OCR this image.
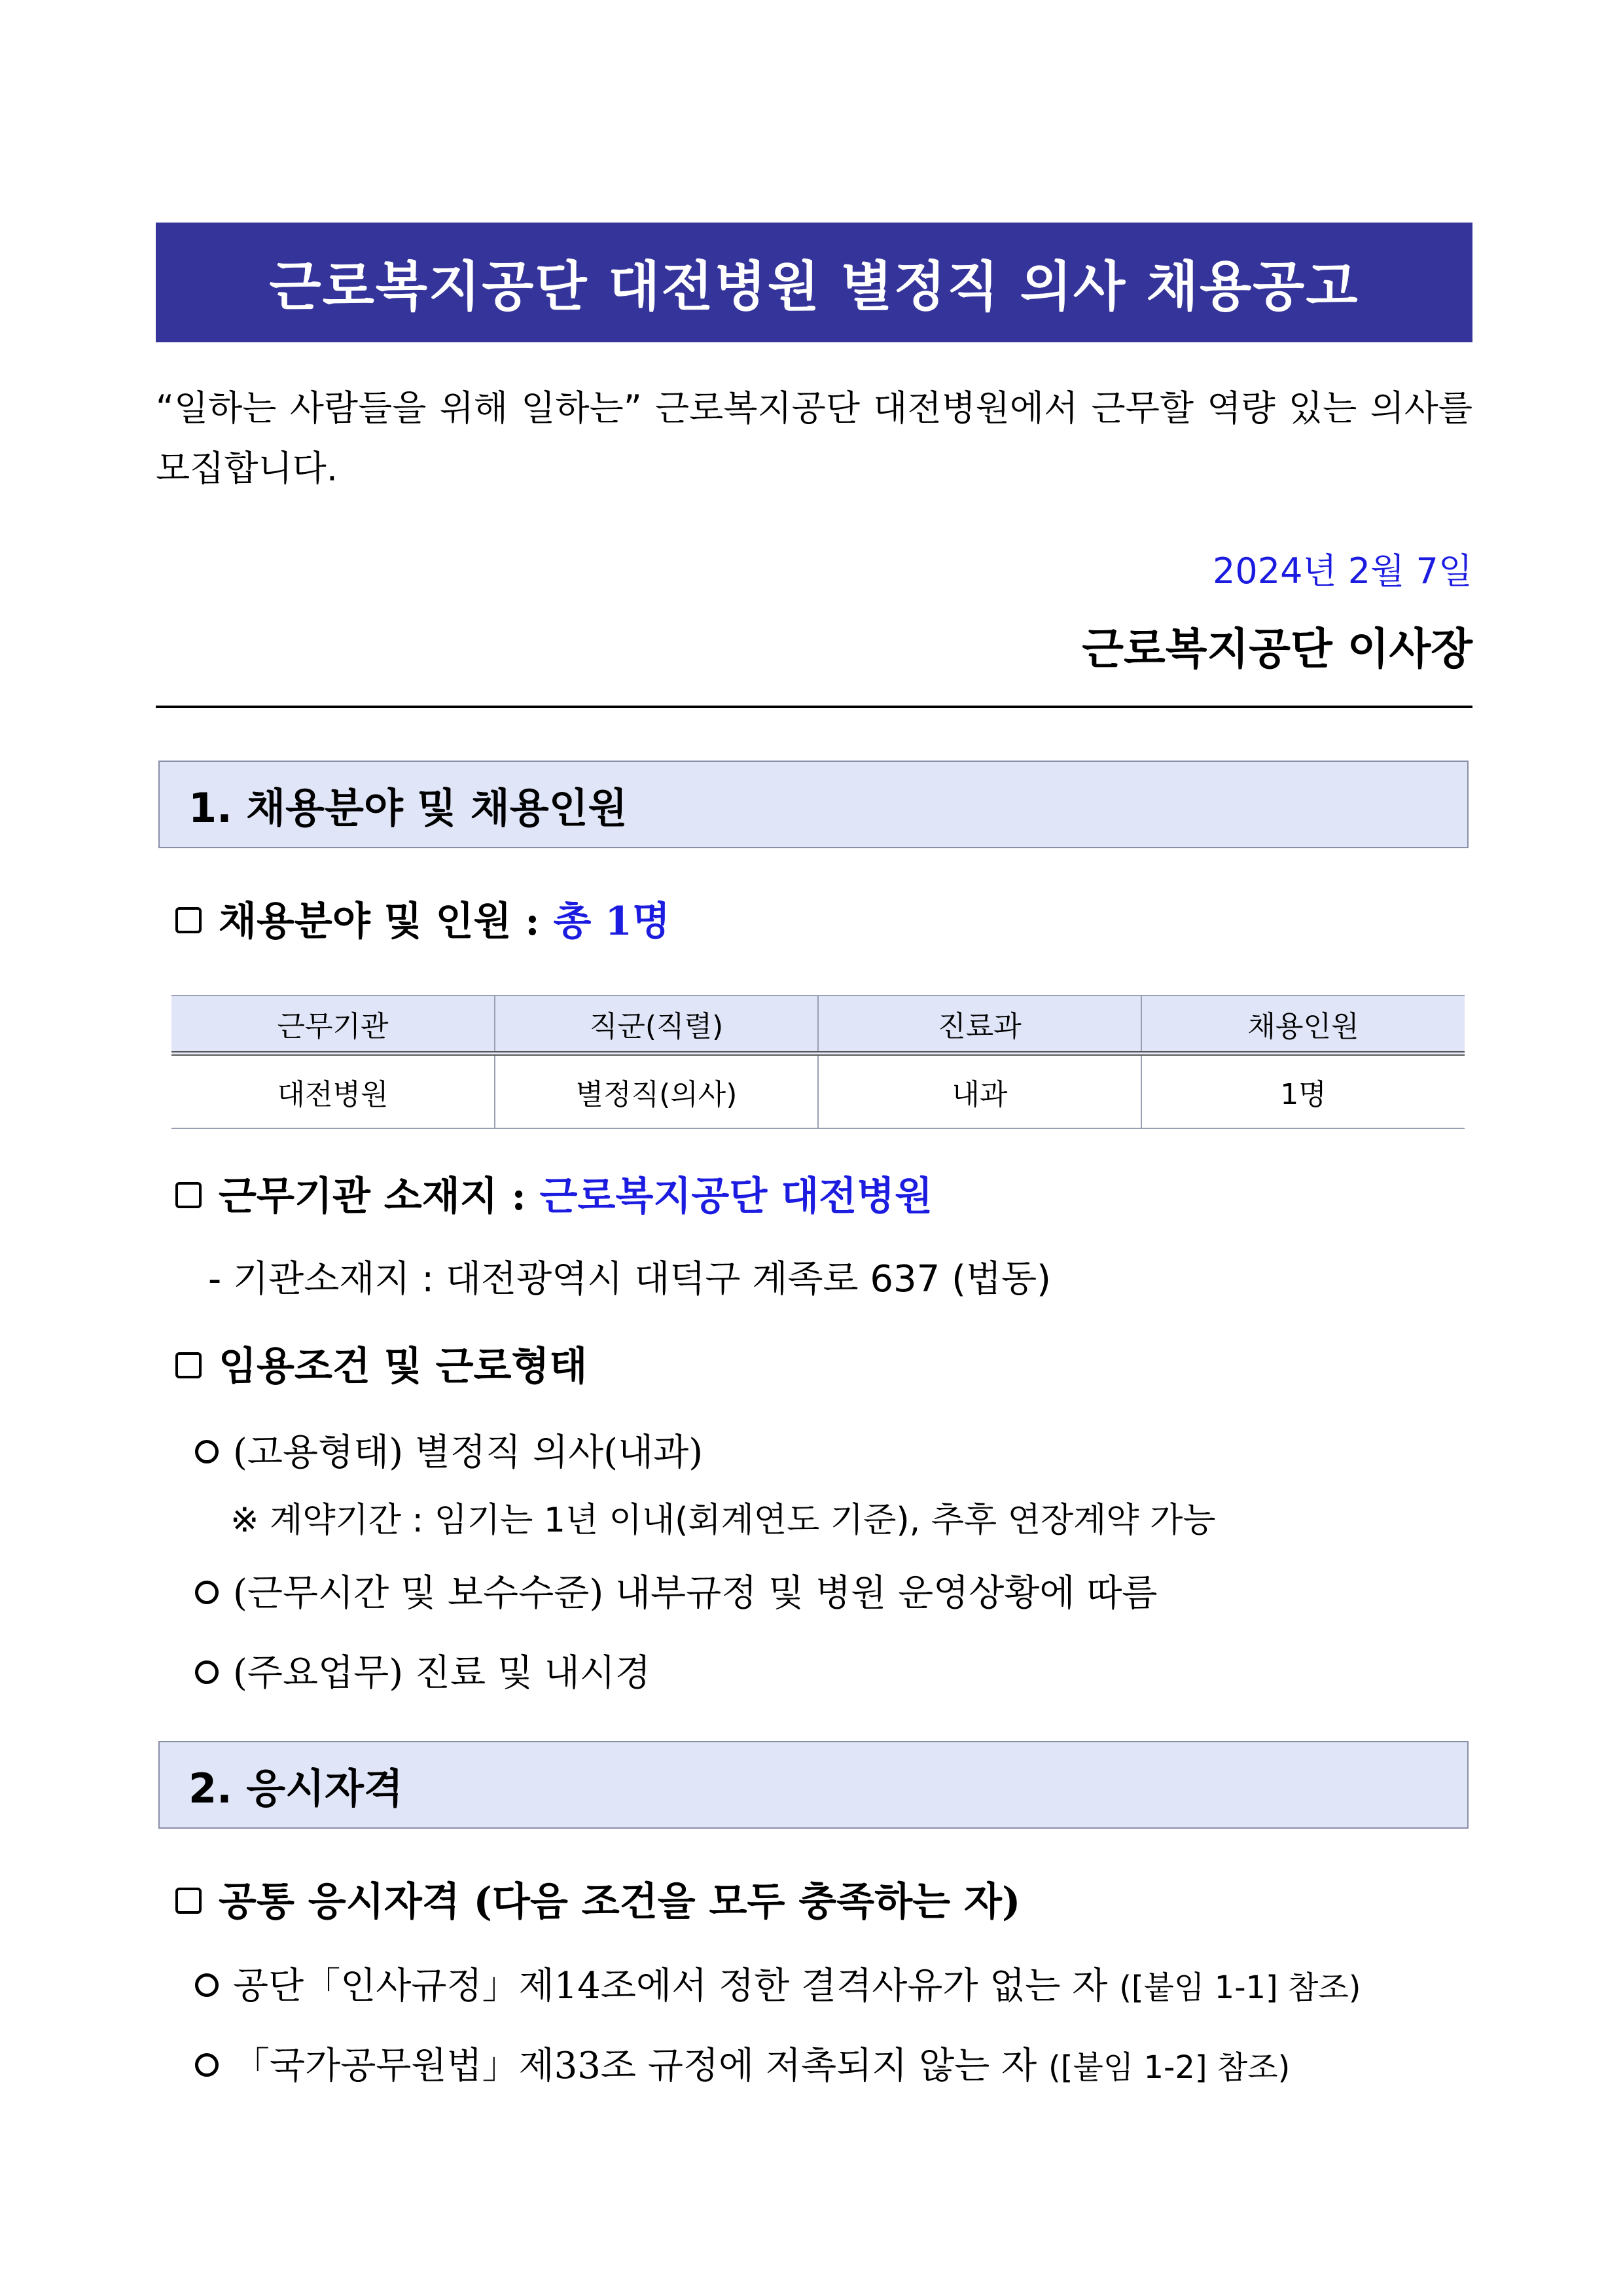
근로복지공단 대전병원 별정직 의사 채용공고
“일하는 사람들을 위해 일하는” 근로복지공단 대전병원에서 근무할 역량 있는 의사를 모집합니다.
2024년 2월 7일
근로복지공단 이사장
1. 채용분야 및 채용인원
채용분야 및 인원 : 총 1명
근무기관	직군(직렬)	진료과	채용인원
대전병원	별정직(의사)	내과	1명
근무기관 소재지 : 근로복지공단 대전병원
- 기관소재지 : 대전광역시 대덕구 계족로 637 (법동)
임용조건 및 근로형태
(고용형태) 별정직 의사(내과)
※ 계약기간 : 임기는 1년 이내(회계연도 기준), 추후 연장계약 가능
(근무시간 및 보수수준) 내부규정 및 병원 운영상황에 따름
(주요업무) 진료 및 내시경
2. 응시자격
공통 응시자격 (다음 조건을 모두 충족하는 자)
공단「인사규정」제14조에서 정한 결격사유가 없는 자 ([붙임 1-1] 참조)
「국가공무원법」제33조 규정에 저촉되지 않는 자 ([붙임 1-2] 참조)
